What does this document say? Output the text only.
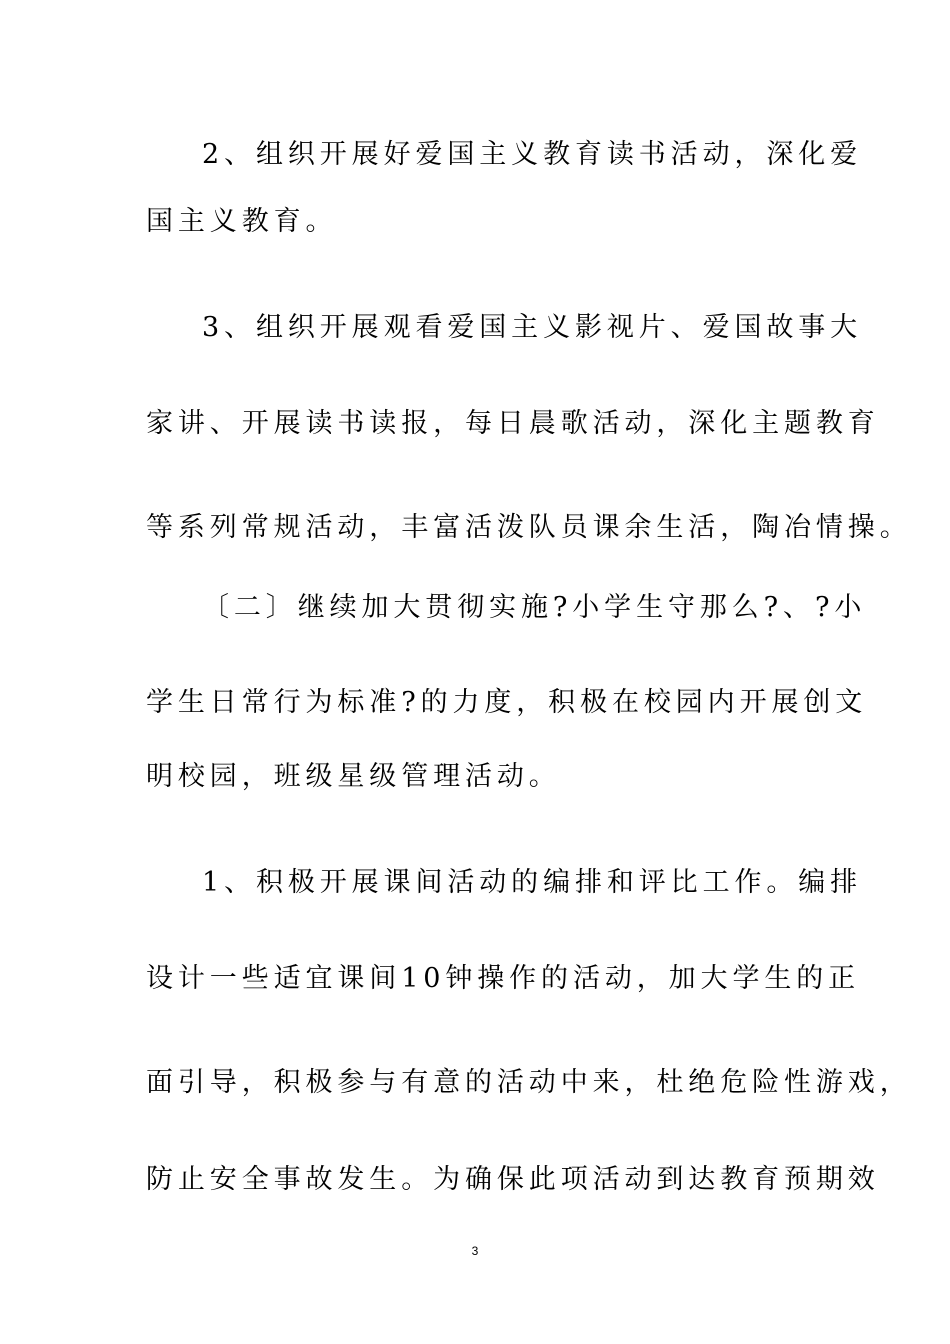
2、组织开展好爱国主义教育读书活动，深化爱
国主义教育。
3、组织开展观看爱国主义影视片、爱国故事大
家讲、开展读书读报，每日晨歌活动，深化主题教育
等系列常规活动，丰富活泼队员课余生活，陶冶情操。
〔二〕继续加大贯彻实施?小学生守那么?、?小
学生日常行为标准?的力度，积极在校园内开展创文
明校园，班级星级管理活动。
1、积极开展课间活动的编排和评比工作。编排
设计一些适宜课间10钟操作的活动，加大学生的正
面引导，积极参与有意的活动中来，杜绝危险性游戏，
防止安全事故发生。为确保此项活动到达教育预期效
3
